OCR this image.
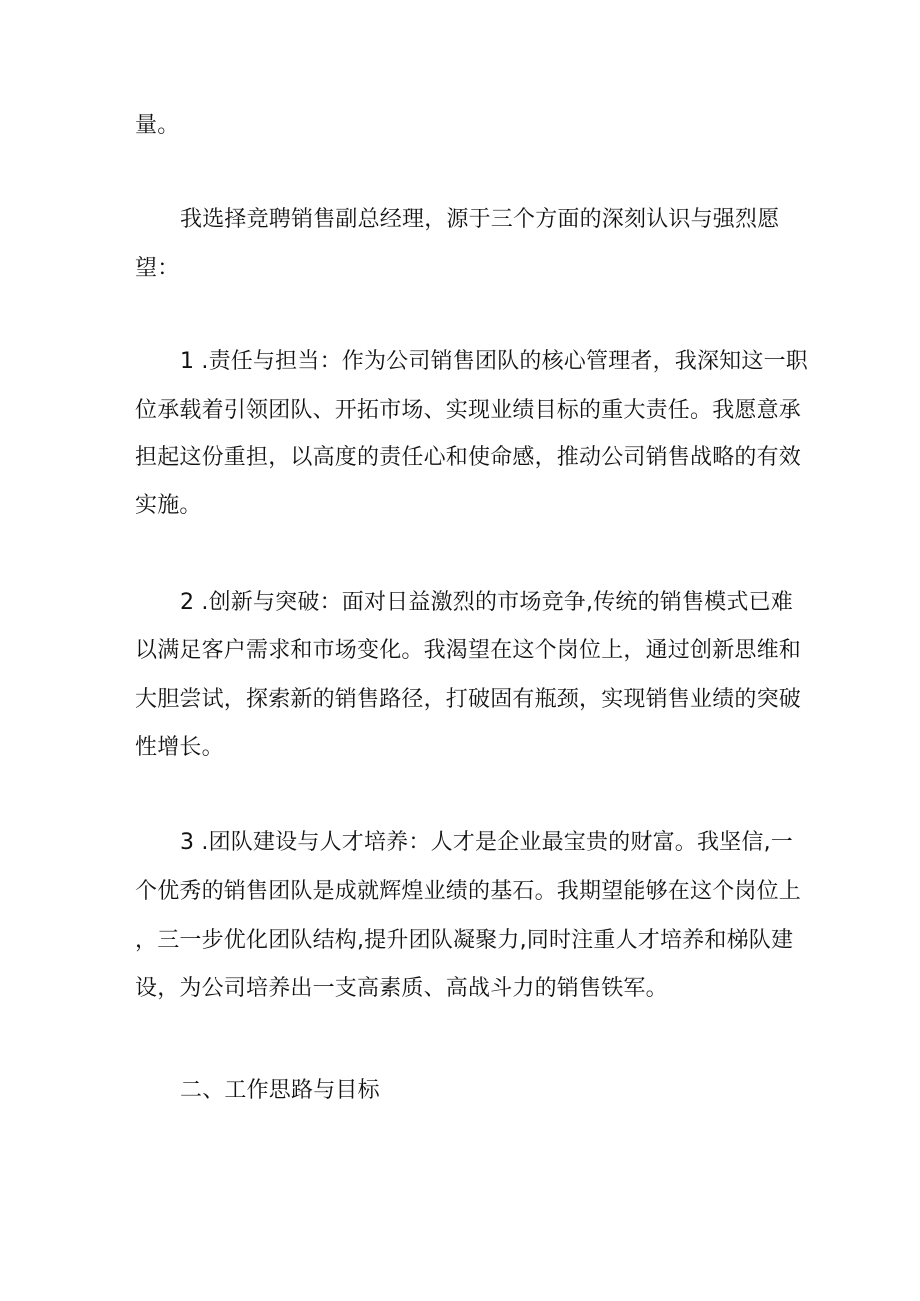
量。
我选择竞聘销售副总经理，源于三个方面的深刻认识与强烈愿
望：
1 .责任与担当：作为公司销售团队的核心管理者，我深知这一职
位承载着引领团队、开拓市场、实现业绩目标的重大责任。我愿意承
担起这份重担，以高度的责任心和使命感，推动公司销售战略的有效
实施。
2 .创新与突破：面对日益激烈的市场竞争,传统的销售模式已难
以满足客户需求和市场变化。我渴望在这个岗位上，通过创新思维和
大胆尝试，探索新的销售路径，打破固有瓶颈，实现销售业绩的突破
性增长。
3 .团队建设与人才培养：人才是企业最宝贵的财富。我坚信,一
个优秀的销售团队是成就辉煌业绩的基石。我期望能够在这个岗位上
，三一步优化团队结构,提升团队凝聚力,同时注重人才培养和梯队建
设，为公司培养出一支高素质、高战斗力的销售铁军。
二、工作思路与目标
